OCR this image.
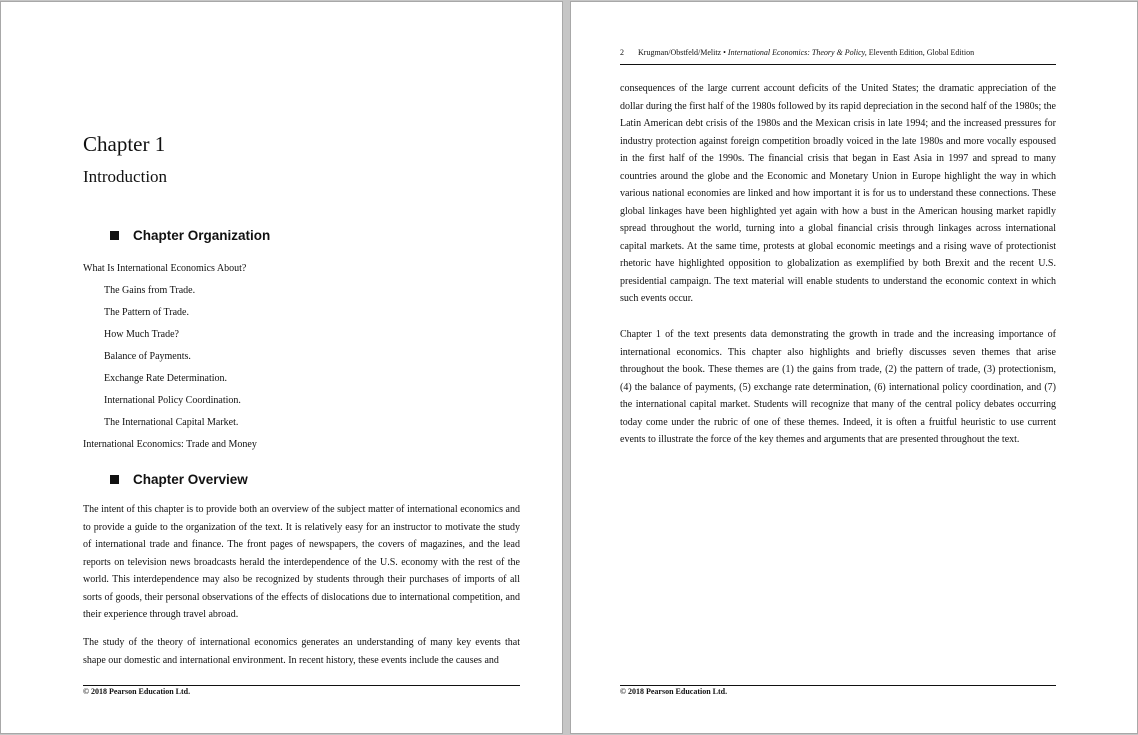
Chapter 1
Introduction
Chapter Organization
What Is International Economics About?
The Gains from Trade.
The Pattern of Trade.
How Much Trade?
Balance of Payments.
Exchange Rate Determination.
International Policy Coordination.
The International Capital Market.
International Economics: Trade and Money
Chapter Overview
The intent of this chapter is to provide both an overview of the subject matter of international economics and to provide a guide to the organization of the text. It is relatively easy for an instructor to motivate the study of international trade and finance. The front pages of newspapers, the covers of magazines, and the lead reports on television news broadcasts herald the interdependence of the U.S. economy with the rest of the world. This interdependence may also be recognized by students through their purchases of imports of all sorts of goods, their personal observations of the effects of dislocations due to international competition, and their experience through travel abroad.
The study of the theory of international economics generates an understanding of many key events that shape our domestic and international environment. In recent history, these events include the causes and
© 2018 Pearson Education Ltd.
2 Krugman/Obstfeld/Melitz • International Economics: Theory & Policy, Eleventh Edition, Global Edition
consequences of the large current account deficits of the United States; the dramatic appreciation of the dollar during the first half of the 1980s followed by its rapid depreciation in the second half of the 1980s; the Latin American debt crisis of the 1980s and the Mexican crisis in late 1994; and the increased pressures for industry protection against foreign competition broadly voiced in the late 1980s and more vocally espoused in the first half of the 1990s. The financial crisis that began in East Asia in 1997 and spread to many countries around the globe and the Economic and Monetary Union in Europe highlight the way in which various national economies are linked and how important it is for us to understand these connections. These global linkages have been highlighted yet again with how a bust in the American housing market rapidly spread throughout the world, turning into a global financial crisis through linkages across international capital markets. At the same time, protests at global economic meetings and a rising wave of protectionist rhetoric have highlighted opposition to globalization as exemplified by both Brexit and the recent U.S. presidential campaign. The text material will enable students to understand the economic context in which such events occur.
Chapter 1 of the text presents data demonstrating the growth in trade and the increasing importance of international economics. This chapter also highlights and briefly discusses seven themes that arise throughout the book. These themes are (1) the gains from trade, (2) the pattern of trade, (3) protectionism, (4) the balance of payments, (5) exchange rate determination, (6) international policy coordination, and (7) the international capital market. Students will recognize that many of the central policy debates occurring today come under the rubric of one of these themes. Indeed, it is often a fruitful heuristic to use current events to illustrate the force of the key themes and arguments that are presented throughout the text.
© 2018 Pearson Education Ltd.
